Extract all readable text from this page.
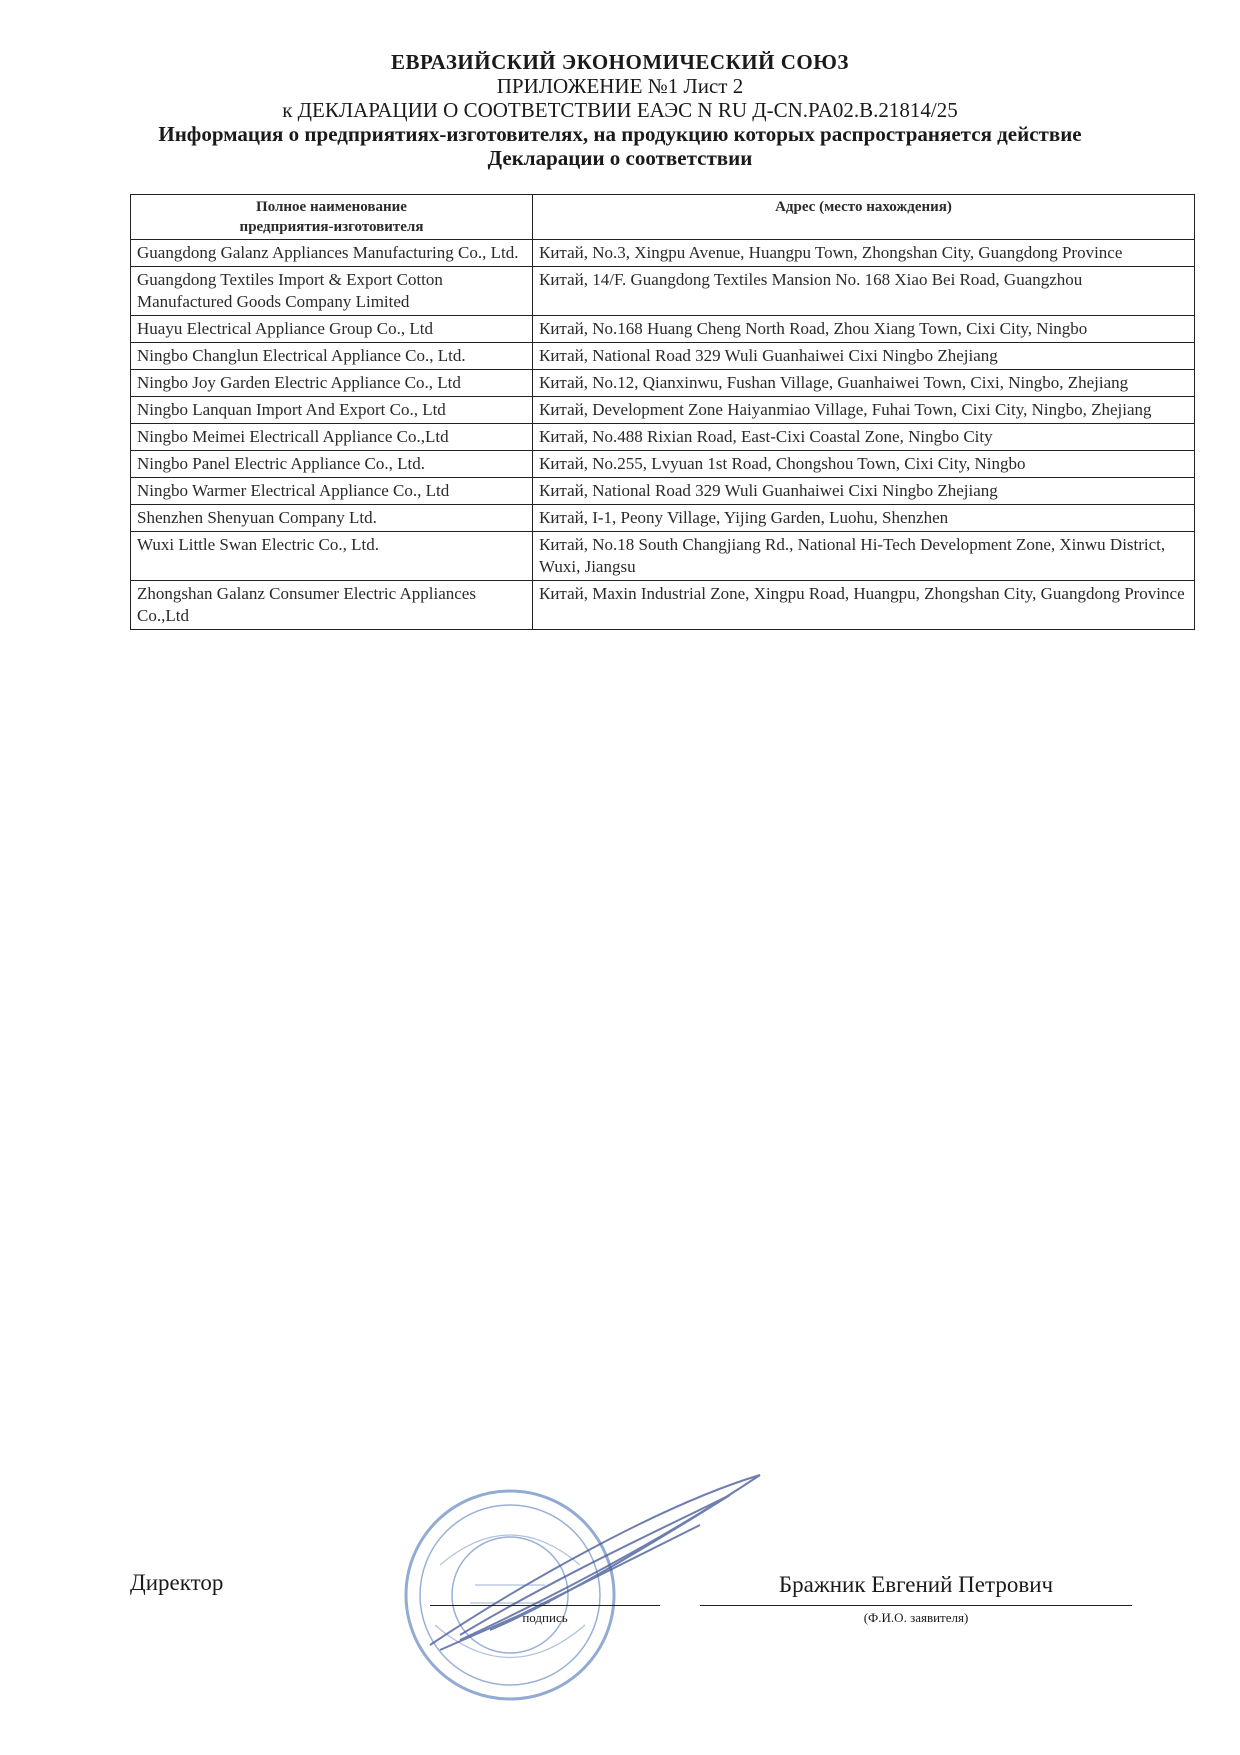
ЕВРАЗИЙСКИЙ ЭКОНОМИЧЕСКИЙ СОЮЗ
ПРИЛОЖЕНИЕ №1 Лист 2
к ДЕКЛАРАЦИИ О СООТВЕТСТВИИ ЕАЭС N RU Д-CN.PA02.B.21814/25
Информация о предприятиях-изготовителях, на продукцию которых распространяется действие
Декларации о соответствии
Полное наименование
предприятия-изготовителя	Адрес (место нахождения)
Guangdong Galanz Appliances Manufacturing Co., Ltd.	Китай, No.3, Xingpu Avenue, Huangpu Town, Zhongshan City, Guangdong Province
Guangdong Textiles Import & Export Cotton Manufactured Goods Company Limited	Китай, 14/F. Guangdong Textiles Mansion No. 168 Xiao Bei Road, Guangzhou
Huayu Electrical Appliance Group Co., Ltd	Китай, No.168 Huang Cheng North Road, Zhou Xiang Town, Cixi City, Ningbo
Ningbo Changlun Electrical Appliance Co., Ltd.	Китай, National Road 329 Wuli Guanhaiwei Cixi Ningbo Zhejiang
Ningbo Joy Garden Electric Appliance Co., Ltd	Китай, No.12, Qianxinwu, Fushan Village, Guanhaiwei Town, Cixi, Ningbo, Zhejiang
Ningbo Lanquan Import And Export Co., Ltd	Китай, Development Zone Haiyanmiao Village, Fuhai Town, Cixi City, Ningbo, Zhejiang
Ningbo Meimei Electricall Appliance Co.,Ltd	Китай, No.488 Rixian Road, East-Cixi Coastal Zone, Ningbo City
Ningbo Panel Electric Appliance Co., Ltd.	Китай, No.255, Lvyuan 1st Road, Chongshou Town, Cixi City, Ningbo
Ningbo Warmer Electrical Appliance Co., Ltd	Китай, National Road 329 Wuli Guanhaiwei Cixi Ningbo Zhejiang
Shenzhen Shenyuan Company Ltd.	Китай, I-1, Peony Village, Yijing Garden, Luohu, Shenzhen
Wuxi Little Swan Electric Co., Ltd.	Китай, No.18 South Changjiang Rd., National Hi-Tech Development Zone, Xinwu District, Wuxi, Jiangsu
Zhongshan Galanz Consumer Electric Appliances Co.,Ltd	Китай, Maxin Industrial Zone, Xingpu Road, Huangpu, Zhongshan City, Guangdong Province
Директор
подпись
Бражник Евгений Петрович
(Ф.И.О. заявителя)
